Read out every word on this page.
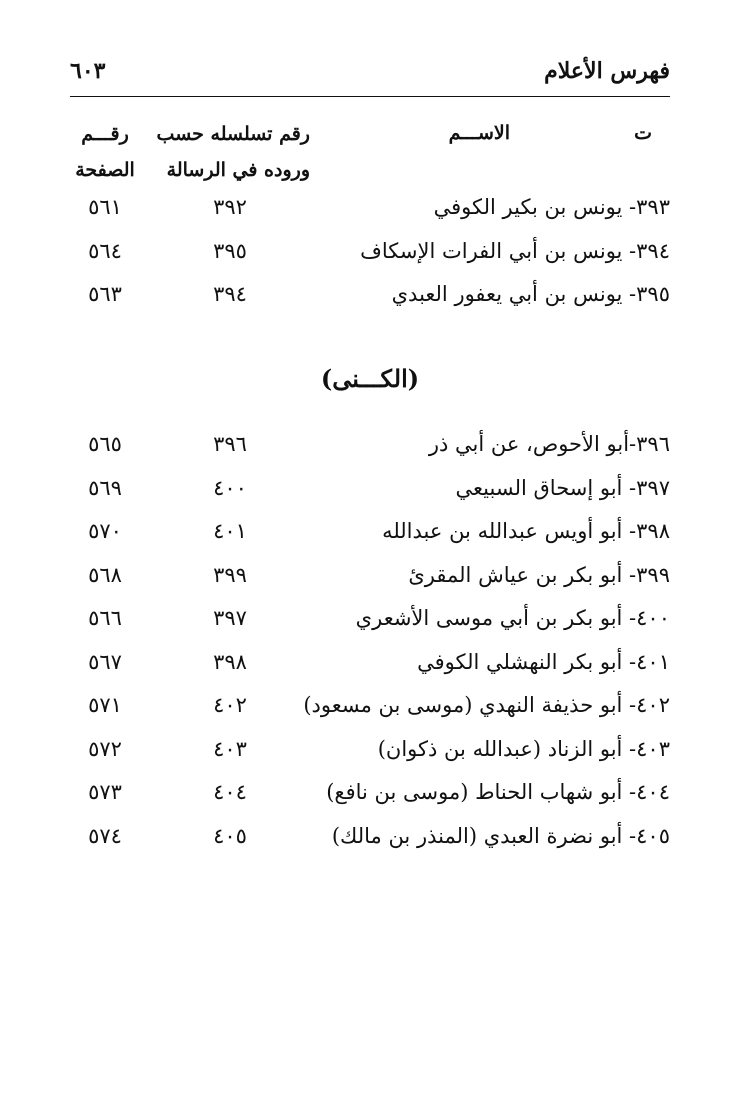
فهرس الأعلام
٦٠٣
ت
الاســـم
رقم تسلسله حسب
وروده في الرسالة
رقـــم
الصفحة
٣٩٣- يونس بن بكير الكوفي
٣٩٢
٥٦١
٣٩٤- يونس بن أبي الفرات الإسكاف
٣٩٥
٥٦٤
٣٩٥- يونس بن أبي يعفور العبدي
٣٩٤
٥٦٣
(الكـــنى)
٣٩٦-أبو الأحوص، عن أبي ذر
٣٩٦
٥٦٥
٣٩٧- أبو إسحاق السبيعي
٤٠٠
٥٦٩
٣٩٨- أبو أويس عبدالله بن عبدالله
٤٠١
٥٧٠
٣٩٩- أبو بكر بن عياش المقرئ
٣٩٩
٥٦٨
٤٠٠- أبو بكر بن أبي موسى الأشعري
٣٩٧
٥٦٦
٤٠١- أبو بكر النهشلي الكوفي
٣٩٨
٥٦٧
٤٠٢- أبو حذيفة النهدي (موسى بن مسعود)
٤٠٢
٥٧١
٤٠٣- أبو الزناد (عبدالله بن ذكوان)
٤٠٣
٥٧٢
٤٠٤- أبو شهاب الحناط (موسى بن نافع)
٤٠٤
٥٧٣
٤٠٥- أبو نضرة العبدي (المنذر بن مالك)
٤٠٥
٥٧٤
